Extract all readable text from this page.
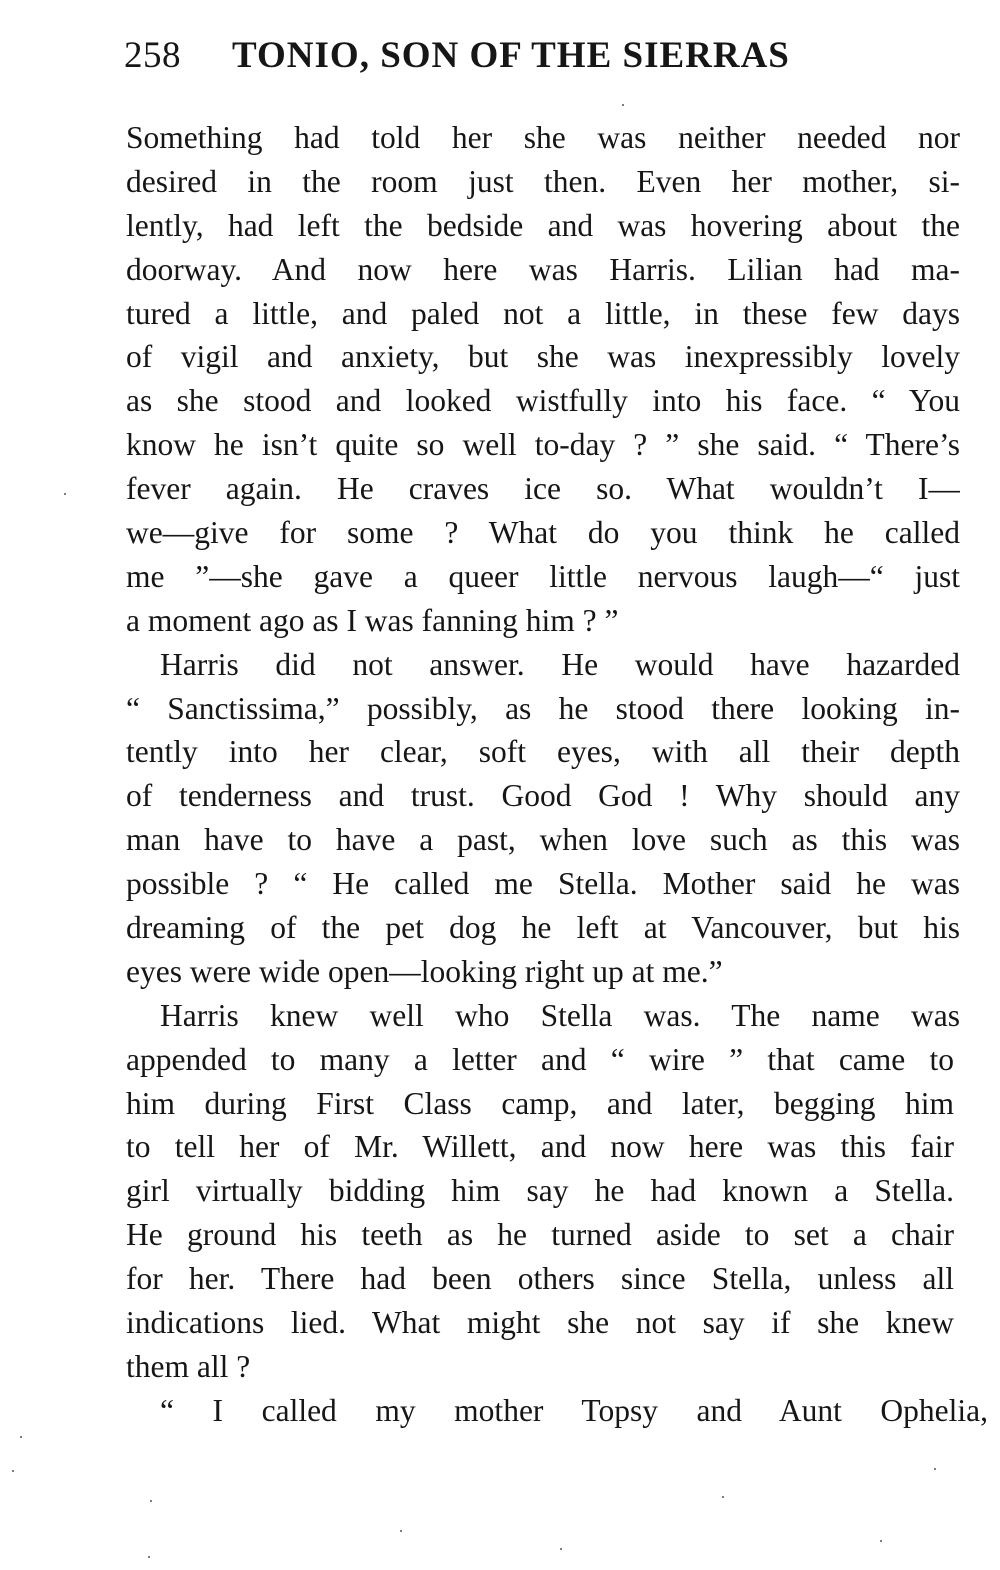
258 TONIO, SON OF THE SIERRAS
Something had told her she was neither needed nor
desired in the room just then. Even her mother, si-
lently, had left the bedside and was hovering about the
doorway. And now here was Harris. Lilian had ma-
tured a little, and paled not a little, in these few days
of vigil and anxiety, but she was inexpressibly lovely
as she stood and looked wistfully into his face. “ You
know he isn’t quite so well to-day ? ” she said. “ There’s
fever again. He craves ice so. What wouldn’t I—
we—give for some ? What do you think he called
me ”—she gave a queer little nervous laugh—“ just
a moment ago as I was fanning him ? ”
Harris did not answer. He would have hazarded
“ Sanctissima,” possibly, as he stood there looking in-
tently into her clear, soft eyes, with all their depth
of tenderness and trust. Good God ! Why should any
man have to have a past, when love such as this was
possible ? “ He called me Stella. Mother said he was
dreaming of the pet dog he left at Vancouver, but his
eyes were wide open—looking right up at me.”
Harris knew well who Stella was. The name was
appended to many a letter and “ wire ” that came to
him during First Class camp, and later, begging him
to tell her of Mr. Willett, and now here was this fair
girl virtually bidding him say he had known a Stella.
He ground his teeth as he turned aside to set a chair
for her. There had been others since Stella, unless all
indications lied. What might she not say if she knew
them all ?
“ I called my mother Topsy and Aunt Ophelia,
